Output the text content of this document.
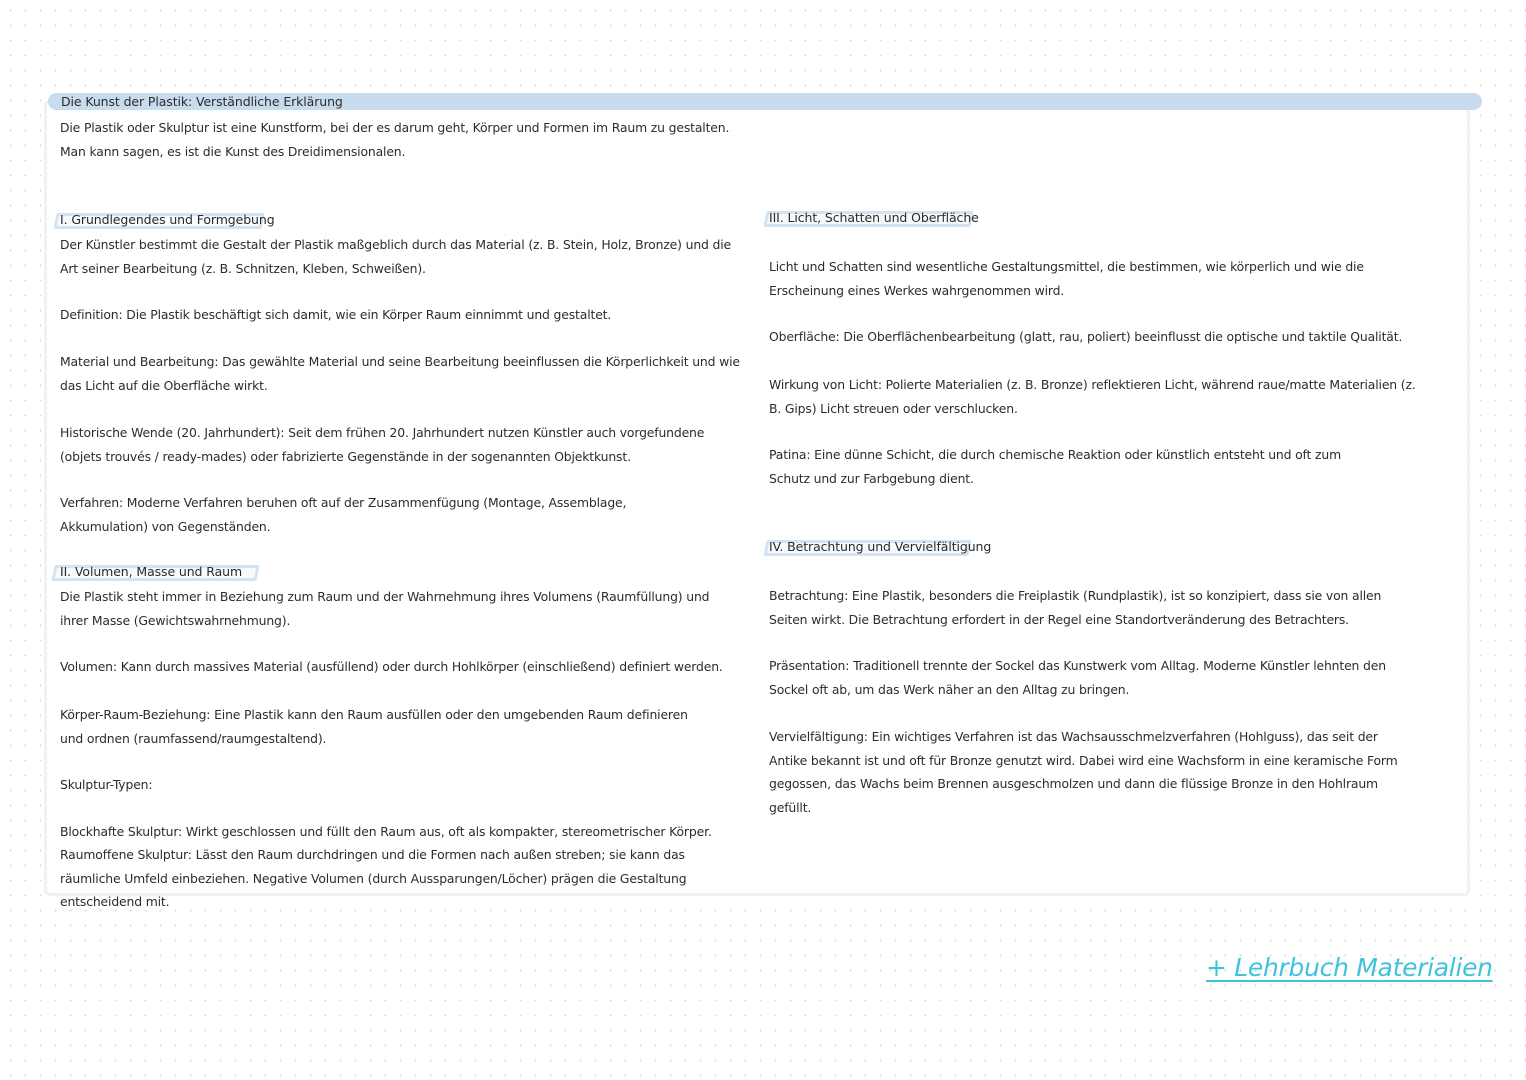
Die Kunst der Plastik: Verständliche Erklärung

Die Plastik oder Skulptur ist eine Kunstform, bei der es darum geht, Körper und Formen im Raum zu gestalten. Man kann sagen, es ist die Kunst des Dreidimensionalen.

I. Grundlegendes und Formgebung

Der Künstler bestimmt die Gestalt der Plastik maßgeblich durch das Material (z. B. Stein, Holz, Bronze) und die Art seiner Bearbeitung (z. B. Schnitzen, Kleben, Schweißen).

Definition: Die Plastik beschäftigt sich damit, wie ein Körper Raum einnimmt und gestaltet.

Material und Bearbeitung: Das gewählte Material und seine Bearbeitung beeinflussen die Körperlichkeit und wie das Licht auf die Oberfläche wirkt.

Historische Wende (20. Jahrhundert): Seit dem frühen 20. Jahrhundert nutzen Künstler auch vorgefundene (objets trouvés / ready-mades) oder fabrizierte Gegenstände in der sogenannten Objektkunst.

Verfahren: Moderne Verfahren beruhen oft auf der Zusammenfügung (Montage, Assemblage, Akkumulation) von Gegenständen.

II. Volumen, Masse und Raum

Die Plastik steht immer in Beziehung zum Raum und der Wahrnehmung ihres Volumens (Raumfüllung) und ihrer Masse (Gewichtswahrnehmung).

Volumen: Kann durch massives Material (ausfüllend) oder durch Hohlkörper (einschließend) definiert werden.

Körper-Raum-Beziehung: Eine Plastik kann den Raum ausfüllen oder den umgebenden Raum definieren und ordnen (raumfassend/raumgestaltend).

Skulptur-Typen:

Blockhafte Skulptur: Wirkt geschlossen und füllt den Raum aus, oft als kompakter, stereometrischer Körper.

Raumoffene Skulptur: Lässt den Raum durchdringen und die Formen nach außen streben; sie kann das räumliche Umfeld einbeziehen. Negative Volumen (durch Aussparungen/Löcher) prägen die Gestaltung entscheidend mit.

III. Licht, Schatten und Oberfläche

Licht und Schatten sind wesentliche Gestaltungsmittel, die bestimmen, wie körperlich und wie die Erscheinung eines Werkes wahrgenommen wird.

Oberfläche: Die Oberflächenbearbeitung (glatt, rau, poliert) beeinflusst die optische und taktile Qualität.

Wirkung von Licht: Polierte Materialien (z. B. Bronze) reflektieren Licht, während raue/matte Materialien (z. B. Gips) Licht streuen oder verschlucken.

Patina: Eine dünne Schicht, die durch chemische Reaktion oder künstlich entsteht und oft zum Schutz und zur Farbgebung dient.

IV. Betrachtung und Vervielfältigung

Betrachtung: Eine Plastik, besonders die Freiplastik (Rundplastik), ist so konzipiert, dass sie von allen Seiten wirkt. Die Betrachtung erfordert in der Regel eine Standortveränderung des Betrachters.

Präsentation: Traditionell trennte der Sockel das Kunstwerk vom Alltag. Moderne Künstler lehnten den Sockel oft ab, um das Werk näher an den Alltag zu bringen.

Vervielfältigung: Ein wichtiges Verfahren ist das Wachsausschmelzverfahren (Hohlguss), das seit der Antike bekannt ist und oft für Bronze genutzt wird. Dabei wird eine Wachsform in eine keramische Form gegossen, das Wachs beim Brennen ausgeschmolzen und dann die flüssige Bronze in den Hohlraum gefüllt.

+ Lehrbuch Materialien
